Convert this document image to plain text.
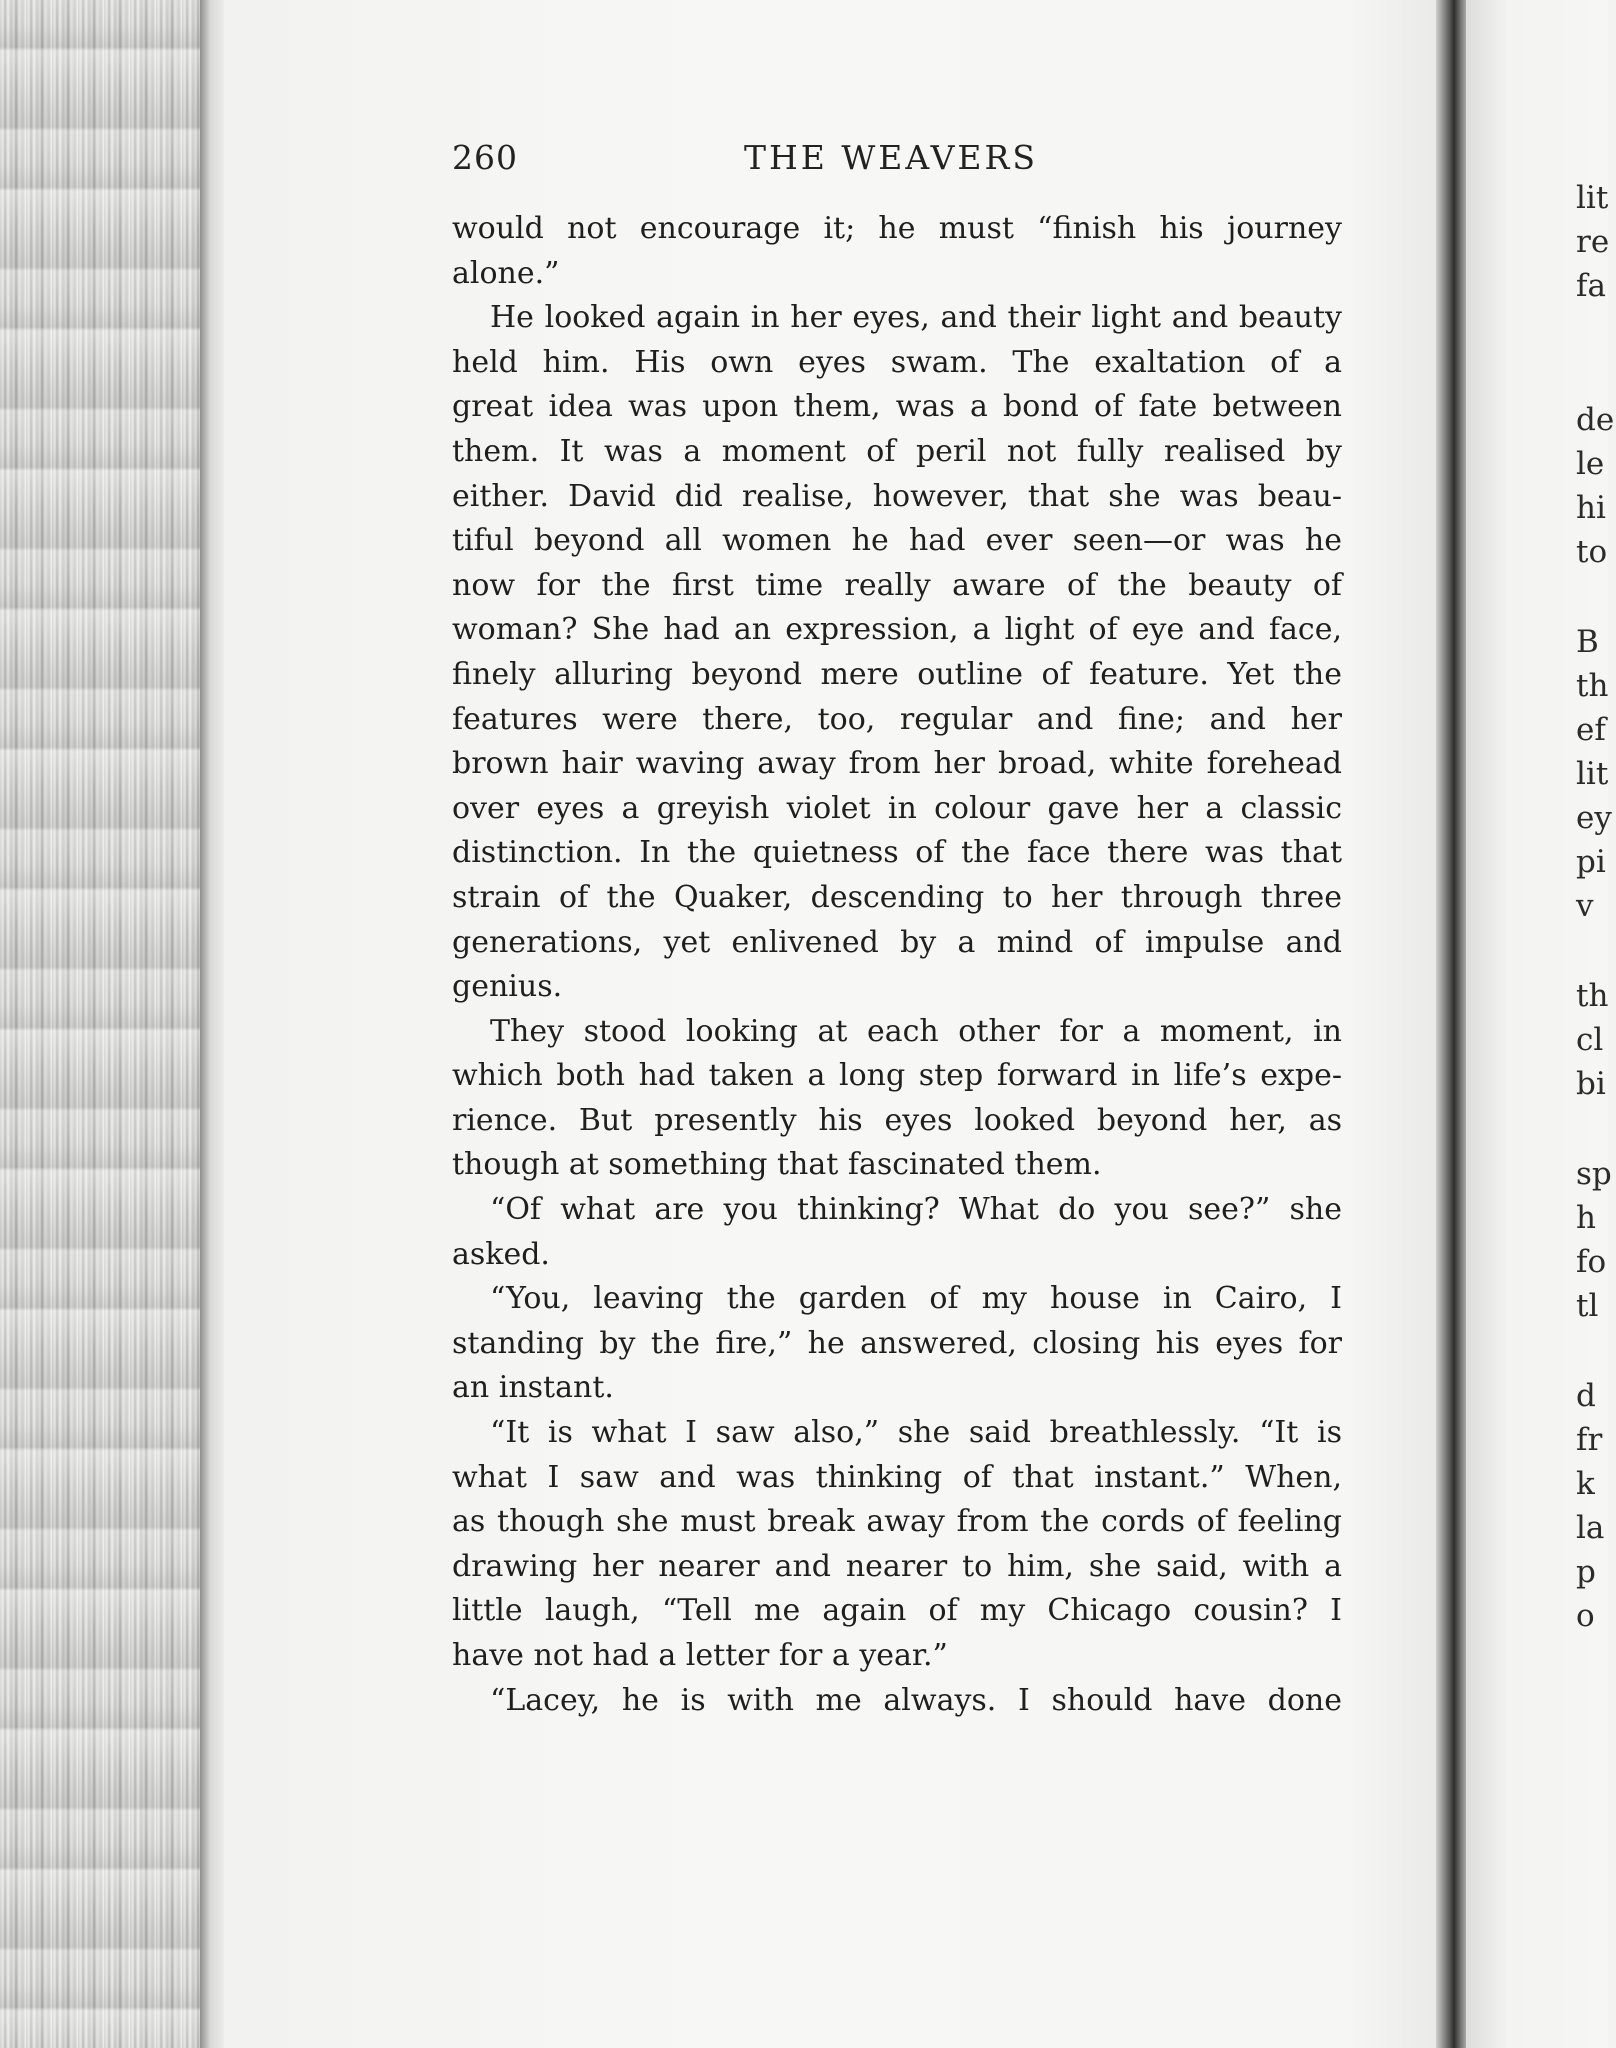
260	THE WEAVERS
would not encourage it; he must “finish his journey
alone.”
He looked again in her eyes, and their light and beauty
held him. His own eyes swam. The exaltation of a
great idea was upon them, was a bond of fate between
them. It was a moment of peril not fully realised by
either. David did realise, however, that she was beau-
tiful beyond all women he had ever seen—or was he
now for the first time really aware of the beauty of
woman? She had an expression, a light of eye and face,
finely alluring beyond mere outline of feature. Yet the
features were there, too, regular and fine; and her
brown hair waving away from her broad, white forehead
over eyes a greyish violet in colour gave her a classic
distinction. In the quietness of the face there was that
strain of the Quaker, descending to her through three
generations, yet enlivened by a mind of impulse and
genius.
They stood looking at each other for a moment, in
which both had taken a long step forward in life’s expe-
rience. But presently his eyes looked beyond her, as
though at something that fascinated them.
“Of what are you thinking? What do you see?” she
asked.
“You, leaving the garden of my house in Cairo, I
standing by the fire,” he answered, closing his eyes for
an instant.
“It is what I saw also,” she said breathlessly. “It is
what I saw and was thinking of that instant.” When,
as though she must break away from the cords of feeling
drawing her nearer and nearer to him, she said, with a
little laugh, “Tell me again of my Chicago cousin? I
have not had a letter for a year.”
“Lacey, he is with me always. I should have done
lit
re
fa
de
le
hi
to
B
th
ef
lit
ey
pi
v
th
cl
bi
sp
h
fo
tl
d
fr
k
la
p
o
